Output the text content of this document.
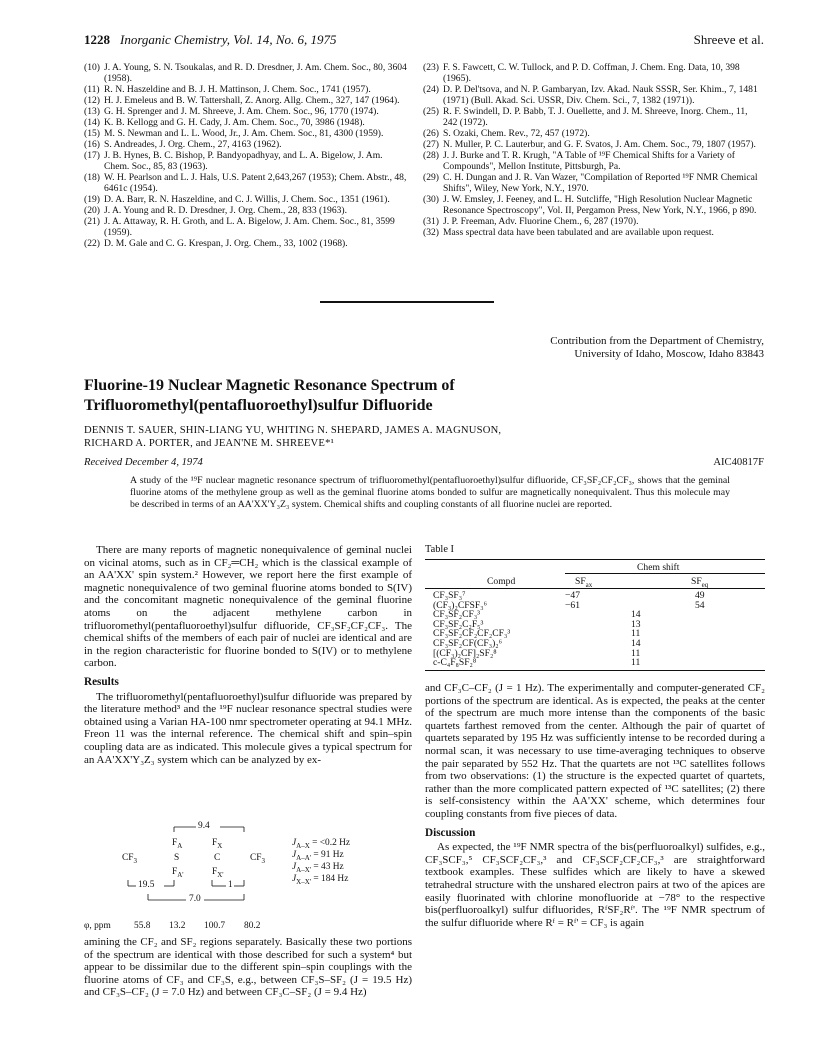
1228 Inorganic Chemistry, Vol. 14, No. 6, 1975	Shreeve et al.
(10) J. A. Young, S. N. Tsoukalas, and R. D. Dresdner, J. Am. Chem. Soc., 80, 3604 (1958).
(11) R. N. Haszeldine and B. J. H. Mattinson, J. Chem. Soc., 1741 (1957).
(12) H. J. Emeleus and B. W. Tattershall, Z. Anorg. Allg. Chem., 327, 147 (1964).
(13) G. H. Sprenger and J. M. Shreeve, J. Am. Chem. Soc., 96, 1770 (1974).
(14) K. B. Kellogg and G. H. Cady, J. Am. Chem. Soc., 70, 3986 (1948).
(15) M. S. Newman and L. L. Wood, Jr., J. Am. Chem. Soc., 81, 4300 (1959).
(16) S. Andreades, J. Org. Chem., 27, 4163 (1962).
(17) J. B. Hynes, B. C. Bishop, P. Bandyopadhyay, and L. A. Bigelow, J. Am. Chem. Soc., 85, 83 (1963).
(18) W. H. Pearlson and L. J. Hals, U.S. Patent 2,643,267 (1953); Chem. Abstr., 48, 6461c (1954).
(19) D. A. Barr, R. N. Haszeldine, and C. J. Willis, J. Chem. Soc., 1351 (1961).
(20) J. A. Young and R. D. Dresdner, J. Org. Chem., 28, 833 (1963).
(21) J. A. Attaway, R. H. Groth, and L. A. Bigelow, J. Am. Chem. Soc., 81, 3599 (1959).
(22) D. M. Gale and C. G. Krespan, J. Org. Chem., 33, 1002 (1968).
(23) F. S. Fawcett, C. W. Tullock, and P. D. Coffman, J. Chem. Eng. Data, 10, 398 (1965).
(24) D. P. Del'tsova, and N. P. Gambaryan, Izv. Akad. Nauk SSSR, Ser. Khim., 7, 1481 (1971) (Bull. Akad. Sci. USSR, Div. Chem. Sci., 7, 1382 (1971)).
(25) R. F. Swindell, D. P. Babb, T. J. Ouellette, and J. M. Shreeve, Inorg. Chem., 11, 242 (1972).
(26) S. Ozaki, Chem. Rev., 72, 457 (1972).
(27) N. Muller, P. C. Lauterbur, and G. F. Svatos, J. Am. Chem. Soc., 79, 1807 (1957).
(28) J. J. Burke and T. R. Krugh, "A Table of ¹⁹F Chemical Shifts for a Variety of Compounds", Mellon Institute, Pittsburgh, Pa.
(29) C. H. Dungan and J. R. Van Wazer, "Compilation of Reported ¹⁹F NMR Chemical Shifts", Wiley, New York, N.Y., 1970.
(30) J. W. Emsley, J. Feeney, and L. H. Sutcliffe, "High Resolution Nuclear Magnetic Resonance Spectroscopy", Vol. II, Pergamon Press, New York, N.Y., 1966, p 890.
(31) J. P. Freeman, Adv. Fluorine Chem., 6, 287 (1970).
(32) Mass spectral data have been tabulated and are available upon request.
Contribution from the Department of Chemistry,
University of Idaho, Moscow, Idaho 83843
Fluorine-19 Nuclear Magnetic Resonance Spectrum of
Trifluoromethyl(pentafluoroethyl)sulfur Difluoride
DENNIS T. SAUER, SHIN-LIANG YU, WHITING N. SHEPARD, JAMES A. MAGNUSON,
RICHARD A. PORTER, and JEAN'NE M. SHREEVE*¹
Received December 4, 1974	AIC40817F
A study of the ¹⁹F nuclear magnetic resonance spectrum of trifluoromethyl(pentafluoroethyl)sulfur difluoride, CF₃SF₂CF₂CF₃, shows that the geminal fluorine atoms of the methylene group as well as the geminal fluorine atoms bonded to sulfur are magnetically nonequivalent. Thus this molecule may be described in terms of an AA'XX'Y₃Z₃ system. Chemical shifts and coupling constants of all fluorine nuclei are reported.

There are many reports of magnetic nonequivalence of geminal nuclei on vicinal atoms, such as in CF₂═CH₂ which is the classical example of an AA'XX' spin system.² However, we report here the first example of magnetic nonequivalence of two geminal fluorine atoms bonded to S(IV) and the concomitant magnetic nonequivalence of the geminal fluorine atoms on the adjacent methylene carbon in trifluoromethyl(pentafluoroethyl)sulfur difluoride, CF₃SF₂CF₂CF₃. The chemical shifts of the members of each pair of nuclei are identical and are in the region characteristic for fluorine bonded to S(IV) or to methylene carbon.

Results

The trifluoromethyl(pentafluoroethyl)sulfur difluoride was prepared by the literature method³ and the ¹⁹F nuclear resonance spectral studies were obtained using a Varian HA-100 nmr spectrometer operating at 94.1 MHz. Freon 11 was the internal reference. The chemical shift and spin–spin coupling data are as indicated. This molecule gives a typical spectrum for an AA'XX'Y₃Z₃ system which can be analyzed by ex-

9.4
$F_A$	$F_X$
$CF_3$	S	C	$CF_3$
$F_{A'}$	$F_{X'}$
19.5	1
7.0
$J_{A-X} = <0.2$ Hz
$J_{A-A'} = 91$ Hz
$J_{A-X'} = 43$ Hz
$J_{X-X'} = 184$ Hz
φ, ppm 55.8 13.2 100.7 80.2

amining the CF₂ and SF₂ regions separately. Basically these two portions of the spectrum are identical with those described for such a system⁴ but appear to be dissimilar due to the different spin–spin couplings with the fluorine atoms of CF₃ and CF₃S, e.g., between CF₃S–SF₂ (J = 19.5 Hz) and CF₃S–CF₂ (J = 7.0 Hz) and between CF₃C–SF₂ (J = 9.4 Hz)

Table I
Chem shift
Compd	$SF_{ax}$	$SF_{eq}$
CF₃SF₃⁷	−47	49
(CF₃)₂CFSF₃⁶	−61	54
CF₃SF₂CF₃³	14
CF₃SF₂C₂F₅³	13
CF₃SF₂CF₂CF₂CF₃³	11
CF₃SF₂CF(CF₃)₂⁶	14
[(CF₃)₂CF]₂SF₂⁸	11
c-C₄F₈SF₂⁸	11

and CF₃C–CF₂ (J = 1 Hz). The experimentally and computer-generated CF₂ portions of the spectrum are identical. As is expected, the peaks at the center of the spectrum are much more intense than the components of the basic quartets farthest removed from the center. Although the pair of quartet of quartets separated by 195 Hz was sufficiently intense to be recorded during a normal scan, it was necessary to use time-averaging techniques to observe the pair separated by 552 Hz. That the quartets are not ¹³C satellites follows from two observations: (1) the structure is the expected quartet of quartets, rather than the more complicated pattern expected of ¹³C satellites; (2) there is self-consistency within the AA'XX' scheme, which determines four coupling constants from five pieces of data.

Discussion

As expected, the ¹⁹F NMR spectra of the bis(perfluoroalkyl) sulfides, e.g., CF₃SCF₃,⁵ CF₃SCF₂CF₃,³ and CF₃SCF₂CF₂CF₃,³ are straightforward textbook examples. These sulfides which are likely to have a skewed tetrahedral structure with the unshared electron pairs at two of the apices are easily fluorinated with chlorine monofluoride at −78° to the respective bis(perfluoroalkyl) sulfur difluorides, RᶠSF₂Rᶠ'. The ¹⁹F NMR spectrum of the sulfur difluoride where Rᶠ = Rᶠ' = CF₃ is again
